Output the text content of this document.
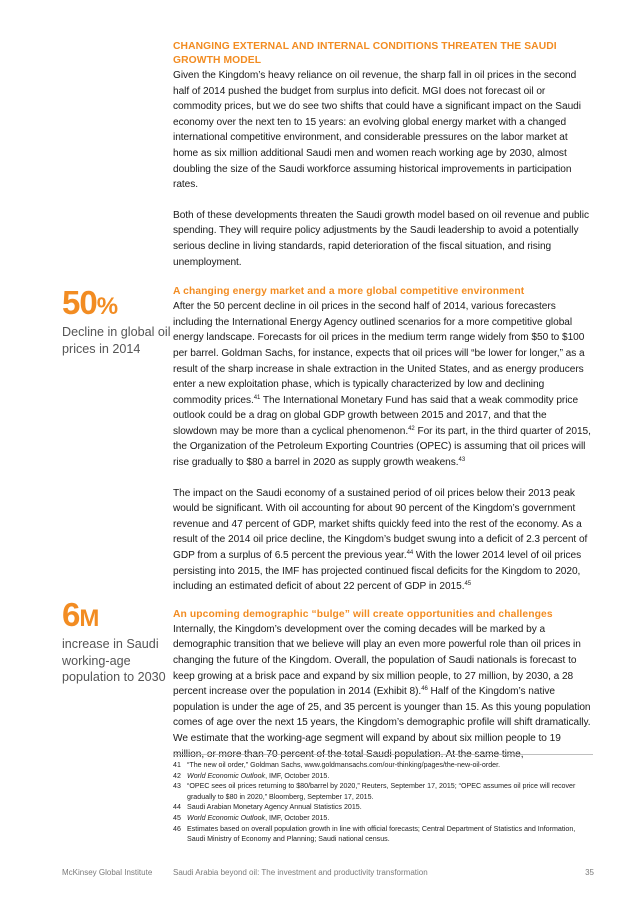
CHANGING EXTERNAL AND INTERNAL CONDITIONS THREATEN THE SAUDI GROWTH MODEL

Given the Kingdom’s heavy reliance on oil revenue, the sharp fall in oil prices in the second half of 2014 pushed the budget from surplus into deficit. MGI does not forecast oil or commodity prices, but we do see two shifts that could have a significant impact on the Saudi economy over the next ten to 15 years: an evolving global energy market with a changed international competitive environment, and considerable pressures on the labor market at home as six million additional Saudi men and women reach working age by 2030, almost doubling the size of the Saudi workforce assuming historical improvements in participation rates.

Both of these developments threaten the Saudi growth model based on oil revenue and public spending. They will require policy adjustments by the Saudi leadership to avoid a potentially serious decline in living standards, rapid deterioration of the fiscal situation, and rising unemployment.

A changing energy market and a more global competitive environment

After the 50 percent decline in oil prices in the second half of 2014, various forecasters including the International Energy Agency outlined scenarios for a more competitive global energy landscape. Forecasts for oil prices in the medium term range widely from $50 to $100 per barrel. Goldman Sachs, for instance, expects that oil prices will “be lower for longer,” as a result of the sharp increase in shale extraction in the United States, and as energy producers enter a new exploitation phase, which is typically characterized by low and declining commodity prices.$^{41}$ The International Monetary Fund has said that a weak commodity price outlook could be a drag on global GDP growth between 2015 and 2017, and that the slowdown may be more than a cyclical phenomenon.$^{42}$ For its part, in the third quarter of 2015, the Organization of the Petroleum Exporting Countries (OPEC) is assuming that oil prices will rise gradually to $80 a barrel in 2020 as supply growth weakens.$^{43}$

The impact on the Saudi economy of a sustained period of oil prices below their 2013 peak would be significant. With oil accounting for about 90 percent of the Kingdom’s government revenue and 47 percent of GDP, market shifts quickly feed into the rest of the economy. As a result of the 2014 oil price decline, the Kingdom’s budget swung into a deficit of 2.3 percent of GDP from a surplus of 6.5 percent the previous year.$^{44}$ With the lower 2014 level of oil prices persisting into 2015, the IMF has projected continued fiscal deficits for the Kingdom to 2020, including an estimated deficit of about 22 percent of GDP in 2015.45

An upcoming demographic “bulge” will create opportunities and challenges

Internally, the Kingdom’s development over the coming decades will be marked by a demographic transition that we believe will play an even more powerful role than oil prices in changing the future of the Kingdom. Overall, the population of Saudi nationals is forecast to keep growing at a brisk pace and expand by six million people, to 27 million, by 2030, a 28 percent increase over the population in 2014 (Exhibit 8).$^{46}$ Half of the Kingdom’s native population is under the age of 25, and 35 percent is younger than 15. As this young population comes of age over the next 15 years, the Kingdom’s demographic profile will shift dramatically. We estimate that the working-age segment will expand by about six million people to 19 million, or more than 70 percent of the total Saudi population. At the same time,

50%
Decline in global oil prices in 2014
6M
increase in Saudi working-age population to 2030
41 “The new oil order,” Goldman Sachs, www.goldmansachs.com/our-thinking/pages/the-new-oil-order.
42 World Economic Outlook, IMF, October 2015.
43 “OPEC sees oil prices returning to $80/barrel by 2020,” Reuters, September 17, 2015; “OPEC assumes oil price will recover gradually to $80 in 2020,” Bloomberg, September 17, 2015.
44 Saudi Arabian Monetary Agency Annual Statistics 2015.
45 World Economic Outlook, IMF, October 2015.
46 Estimates based on overall population growth in line with official forecasts; Central Department of Statistics and Information, Saudi Ministry of Economy and Planning; Saudi national census.
McKinsey Global Institute	Saudi Arabia beyond oil: The investment and productivity transformation	35
